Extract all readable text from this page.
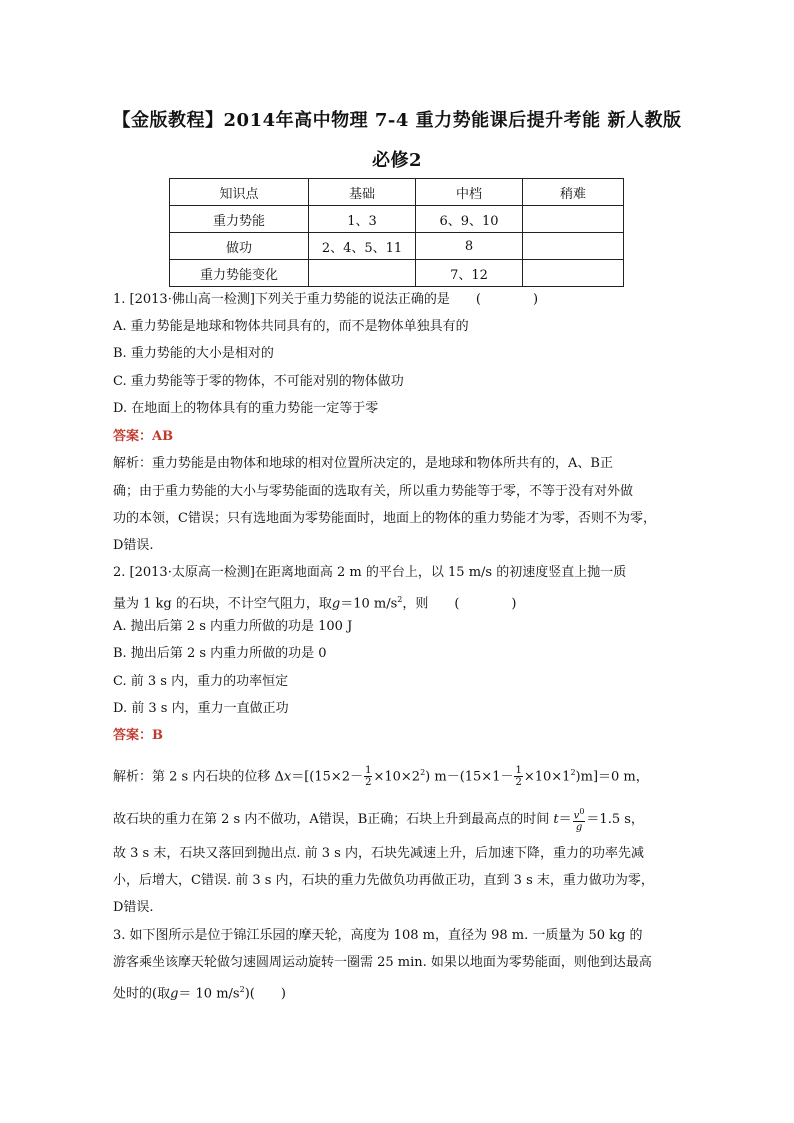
【金版教程】2014年高中物理 7-4 重力势能课后提升考能 新人教版
必修2
知识点	基础	中档	稍难
重力势能	1、3	6、9、10	
做功	2、4、5、11	8	
重力势能变化		7、12	
1. [2013·佛山高一检测]下列关于重力势能的说法正确的是　　(　　　　)
A. 重力势能是地球和物体共同具有的，而不是物体单独具有的
B. 重力势能的大小是相对的
C. 重力势能等于零的物体，不可能对别的物体做功
D. 在地面上的物体具有的重力势能一定等于零
答案：AB
解析：重力势能是由物体和地球的相对位置所决定的，是地球和物体所共有的，A、B正
确；由于重力势能的大小与零势能面的选取有关，所以重力势能等于零，不等于没有对外做
功的本领，C错误；只有选地面为零势能面时，地面上的物体的重力势能才为零，否则不为零，
D错误.
2. [2013·太原高一检测]在距离地面高 2 m 的平台上，以 15 m/s 的初速度竖直上抛一质
量为 1 kg 的石块，不计空气阻力，取g＝10 $m/s^2$，则　　(　　　　)
A. 抛出后第 2 s 内重力所做的功是 100 J
B. 抛出后第 2 s 内重力所做的功是 0
C. 前 3 s 内，重力的功率恒定
D. 前 3 s 内，重力一直做正功
答案：B
解析：第 2 s 内石块的位移 $\Delta x=[(15\times 2- \frac{1}{2} \times 10\times 2^2)$ $m-(15\times 1- \frac{1}{2} \times 10\times 1^2)m]=0$ m，
故石块的重力在第 2 s 内不做功，A错误，B正确；石块上升到最高点的时间 $t= \frac{v^0}{g}=1.5$ s，
故 3 s 末，石块又落回到抛出点. 前 3 s 内，石块先减速上升，后加速下降，重力的功率先减
小，后增大，C错误. 前 3 s 内，石块的重力先做负功再做正功，直到 3 s 末，重力做功为零，
D错误.
3. 如下图所示是位于锦江乐园的摩天轮，高度为 108 m，直径为 98 m. 一质量为 50 kg 的
游客乘坐该摩天轮做匀速圆周运动旋转一圈需 25 min. 如果以地面为零势能面，则他到达最高
处时的(取g＝ 10 $m/s^2$)(　　)
